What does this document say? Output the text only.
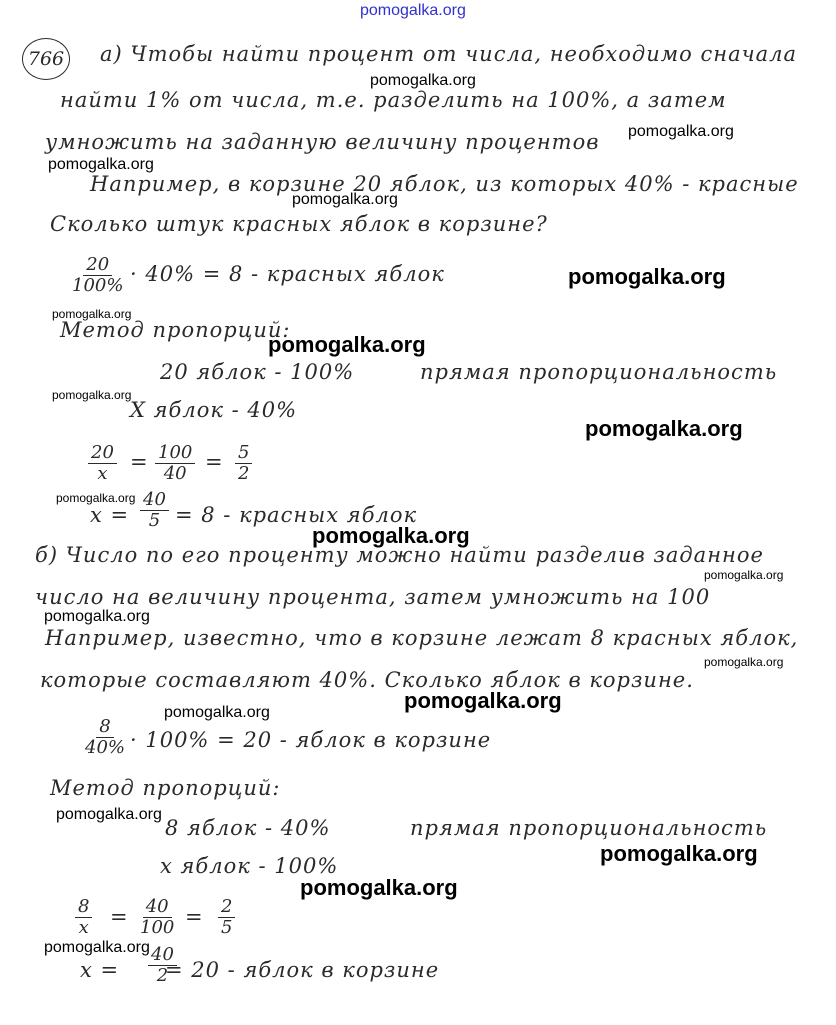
pomogalka.org
766 а) Чтобы найти процент от числа, необходимо сначала
найти 1% от числа, т.е. разделить на 100%, а затем
умножить на заданную величину процентов
Например, в корзине 20 яблок, из которых 40% - красные
Сколько штук красных яблок в корзине?
· 40% = 8 - красных яблок
Метод пропорций:
20 яблок - 100%	прямая пропорциональность
X яблок - 40%
=	=
x = = 8 - красных яблок
б) Число по его проценту можно найти разделив заданное
число на величину процента, затем умножить на 100
Например, известно, что в корзине лежат 8 красных яблок,
которые составляют 40%. Сколько яблок в корзине.
· 100% = 20 - яблок в корзине
Метод пропорций:
8 яблок - 40%	прямая пропорциональность
х яблок - 100%
=	=
x = = 20 - яблок в корзине
$\frac{20}{100\%}$
$\frac{20}{x} \frac{100}{40} \frac{5}{2}$
$\frac{40}{5}$
$\frac{8}{40\%}$
$\frac{8}{x}$	$\frac{40}{100} \frac{2}{5}$
$\frac{40}{2}$
pomogalka.org
pomogalka.org
pomogalka.org
pomogalka.org
pomogalka.org
pomogalka.org
pomogalka.org
pomogalka.org
pomogalka.org
pomogalka.org
pomogalka.org
pomogalka.org
pomogalka.org
pomogalka.org
pomogalka.org
pomogalka.org
pomogalka.org
pomogalka.org
pomogalka.org
pomogalka.org
